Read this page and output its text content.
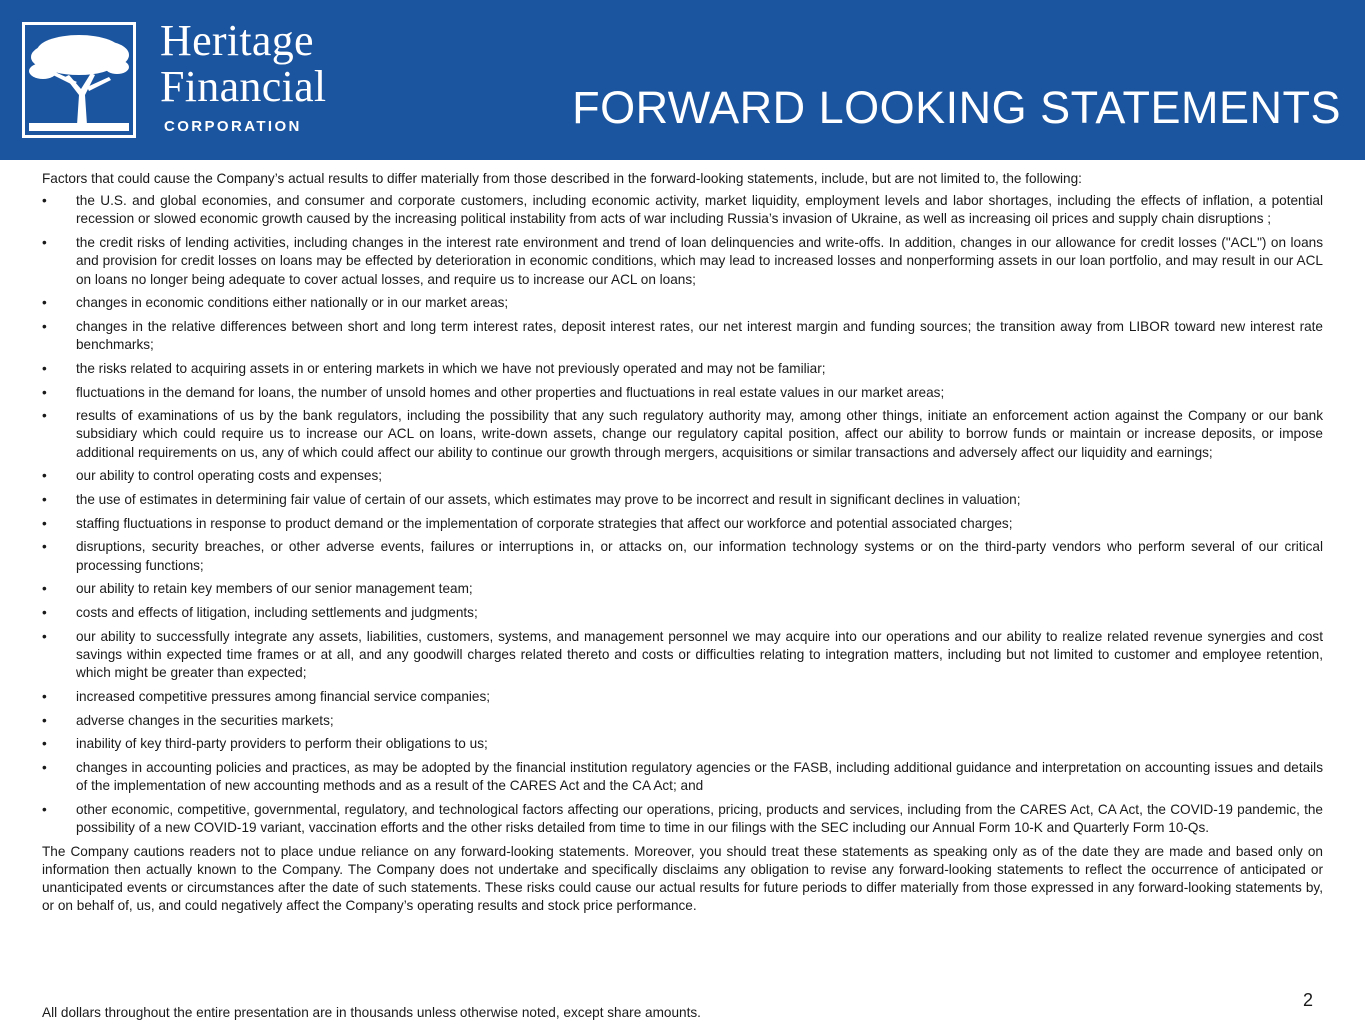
Heritage
Financial
CORPORATION	FORWARD LOOKING STATEMENTS

Factors that could cause the Company’s actual results to differ materially from those described in the forward-looking statements, include, but are not limited to, the following:

• the U.S. and global economies, and consumer and corporate customers, including economic activity, market liquidity, employment levels and labor shortages, including the effects of inflation, a potential recession or slowed economic growth caused by the increasing political instability from acts of war including Russia’s invasion of Ukraine, as well as increasing oil prices and supply chain disruptions ;
• the credit risks of lending activities, including changes in the interest rate environment and trend of loan delinquencies and write-offs. In addition, changes in our allowance for credit losses ("ACL") on loans and provision for credit losses on loans may be effected by deterioration in economic conditions, which may lead to increased losses and nonperforming assets in our loan portfolio, and may result in our ACL on loans no longer being adequate to cover actual losses, and require us to increase our ACL on loans;
• changes in economic conditions either nationally or in our market areas;
• changes in the relative differences between short and long term interest rates, deposit interest rates, our net interest margin and funding sources; the transition away from LIBOR toward new interest rate benchmarks;
• the risks related to acquiring assets in or entering markets in which we have not previously operated and may not be familiar;
• fluctuations in the demand for loans, the number of unsold homes and other properties and fluctuations in real estate values in our market areas;
• results of examinations of us by the bank regulators, including the possibility that any such regulatory authority may, among other things, initiate an enforcement action against the Company or our bank subsidiary which could require us to increase our ACL on loans, write-down assets, change our regulatory capital position, affect our ability to borrow funds or maintain or increase deposits, or impose additional requirements on us, any of which could affect our ability to continue our growth through mergers, acquisitions or similar transactions and adversely affect our liquidity and earnings;
• our ability to control operating costs and expenses;
• the use of estimates in determining fair value of certain of our assets, which estimates may prove to be incorrect and result in significant declines in valuation;
• staffing fluctuations in response to product demand or the implementation of corporate strategies that affect our workforce and potential associated charges;
• disruptions, security breaches, or other adverse events, failures or interruptions in, or attacks on, our information technology systems or on the third-party vendors who perform several of our critical processing functions;
• our ability to retain key members of our senior management team;
• costs and effects of litigation, including settlements and judgments;
• our ability to successfully integrate any assets, liabilities, customers, systems, and management personnel we may acquire into our operations and our ability to realize related revenue synergies and cost savings within expected time frames or at all, and any goodwill charges related thereto and costs or difficulties relating to integration matters, including but not limited to customer and employee retention, which might be greater than expected;
• increased competitive pressures among financial service companies;
• adverse changes in the securities markets;
• inability of key third-party providers to perform their obligations to us;
• changes in accounting policies and practices, as may be adopted by the financial institution regulatory agencies or the FASB, including additional guidance and interpretation on accounting issues and details of the implementation of new accounting methods and as a result of the CARES Act and the CA Act; and
• other economic, competitive, governmental, regulatory, and technological factors affecting our operations, pricing, products and services, including from the CARES Act, CA Act, the COVID-19 pandemic, the possibility of a new COVID-19 variant, vaccination efforts and the other risks detailed from time to time in our filings with the SEC including our Annual Form 10-K and Quarterly Form 10-Qs.

The Company cautions readers not to place undue reliance on any forward-looking statements. Moreover, you should treat these statements as speaking only as of the date they are made and based only on information then actually known to the Company. The Company does not undertake and specifically disclaims any obligation to revise any forward-looking statements to reflect the occurrence of anticipated or unanticipated events or circumstances after the date of such statements. These risks could cause our actual results for future periods to differ materially from those expressed in any forward-looking statements by, or on behalf of, us, and could negatively affect the Company’s operating results and stock price performance.

All dollars throughout the entire presentation are in thousands unless otherwise noted, except share amounts.
2
